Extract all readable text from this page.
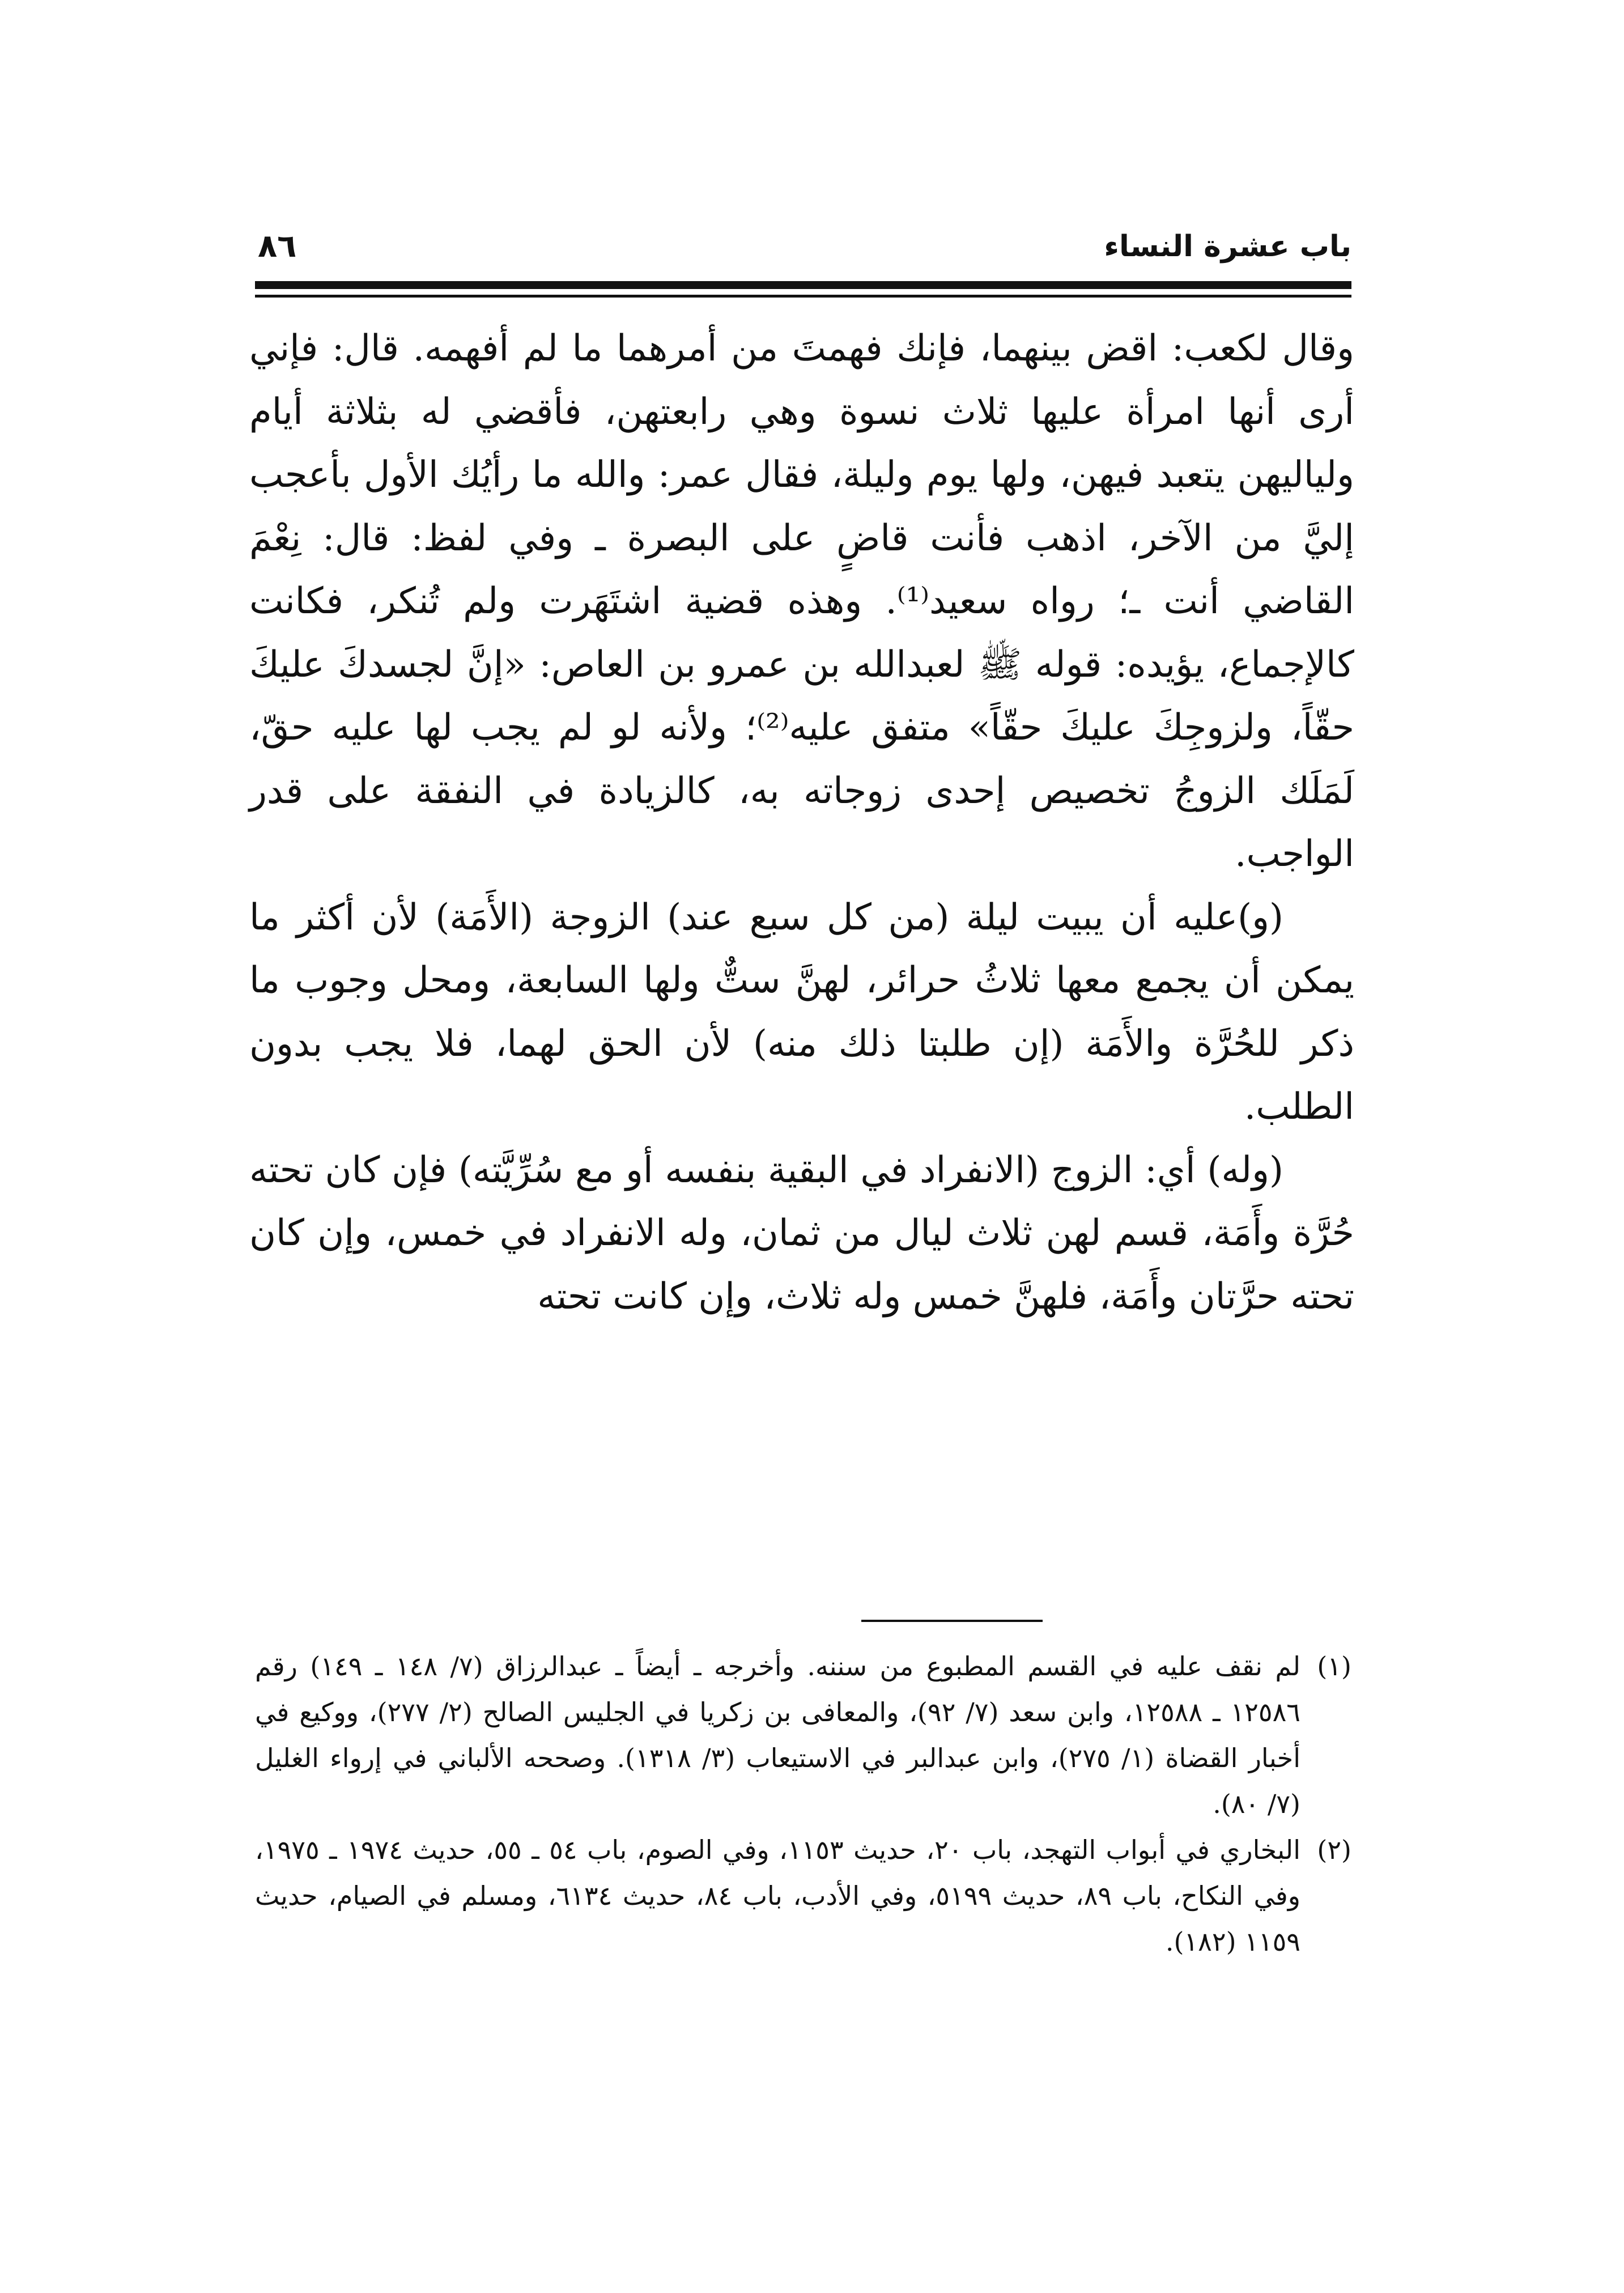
باب عشرة النساء
٨٦

وقال لكعب: اقض بينهما، فإنك فهمتَ من أمرهما ما لم أفهمه. قال: فإني أرى أنها امرأة عليها ثلاث نسوة وهي رابعتهن، فأقضي له بثلاثة أيام ولياليهن يتعبد فيهن، ولها يوم وليلة، فقال عمر: والله ما رأيُك الأول بأعجب إليَّ من الآخر، اذهب فأنت قاضٍ على البصرة ـ وفي لفظ: قال: نِعْمَ القاضي أنت ـ؛ رواه سعيد⁽¹⁾. وهذه قضية اشتَهَرت ولم تُنكر، فكانت كالإجماع، يؤيده: قوله ﷺ لعبدالله بن عمرو بن العاص: «إنَّ لجسدكَ عليكَ حقّاً، ولزوجِكَ عليكَ حقّاً» متفق عليه⁽²⁾؛ ولأنه لو لم يجب لها عليه حقّ، لَمَلَك الزوجُ تخصيص إحدى زوجاته به، كالزيادة في النفقة على قدر الواجب.

(و)عليه أن يبيت ليلة (من كل سبع عند) الزوجة (الأَمَة) لأن أكثر ما يمكن أن يجمع معها ثلاثُ حرائر، لهنَّ ستٌّ ولها السابعة، ومحل وجوب ما ذكر للحُرَّة والأَمَة (إن طلبتا ذلك منه) لأن الحق لهما، فلا يجب بدون الطلب.

(وله) أي: الزوج (الانفراد في البقية بنفسه أو مع سُرِّيَّته) فإن كان تحته حُرَّة وأَمَة، قسم لهن ثلاث ليال من ثمان، وله الانفراد في خمس، وإن كان تحته حرَّتان وأَمَة، فلهنَّ خمس وله ثلاث، وإن كانت تحته

(١)
لم نقف عليه في القسم المطبوع من سننه. وأخرجه ـ أيضاً ـ عبدالرزاق (٧/ ١٤٨ ـ ١٤٩) رقم ١٢٥٨٦ ـ ١٢٥٨٨، وابن سعد (٧/ ٩٢)، والمعافى بن زكريا في الجليس الصالح (٢/ ٢٧٧)، ووكيع في أخبار القضاة (١/ ٢٧٥)، وابن عبدالبر في الاستيعاب (٣/ ١٣١٨). وصححه الألباني في إرواء الغليل (٧/ ٨٠).

(٢)
البخاري في أبواب التهجد، باب ٢٠، حديث ١١٥٣، وفي الصوم، باب ٥٤ ـ ٥٥، حديث ١٩٧٤ ـ ١٩٧٥، وفي النكاح، باب ٨٩، حديث ٥١٩٩، وفي الأدب، باب ٨٤، حديث ٦١٣٤، ومسلم في الصيام، حديث ١١٥٩ (١٨٢).
